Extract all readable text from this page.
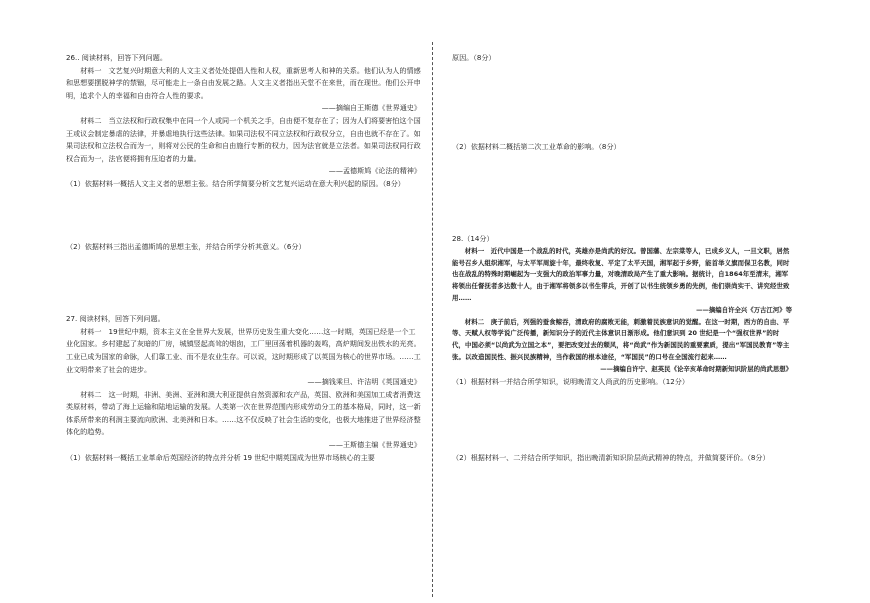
26.. 阅读材料，回答下列问题。

材料一　文艺复兴时期意大利的人文主义者处处提倡人性和人权，重新思考人和神的关系。他们认为人的情感和思想要摆脱神学的禁锢，尽可能走上一条自由发展之路。人文主义者指出天堂不在来世，而在现世。他们公开申明，追求个人的幸福和自由符合人性的要求。

——摘编自王斯德《世界通史》

材料二　当立法权和行政权集中在同一个人或同一个机关之手，自由便不复存在了；因为人们将要害怕这个国王或议会制定暴虐的法律，并暴虐地执行这些法律。如果司法权不同立法权和行政权分立，自由也就不存在了。如果司法权和立法权合而为一，则将对公民的生命和自由施行专断的权力，因为法官就是立法者。如果司法权同行政权合而为一，法官便将拥有压迫者的力量。

——孟德斯鸠《论法的精神》

（1）依据材料一概括人文主义者的思想主张。结合所学简要分析文艺复兴运动在意大利兴起的原因。（8分）

（2）依据材料三指出孟德斯鸠的思想主张，并结合所学分析其意义。（6分）

27. 阅读材料，回答下列问题。

材料一　19世纪中期，资本主义在全世界大发展，世界历史发生重大变化……这一时期，英国已经是一个工业化国家。乡村建起了灰暗的厂房，城镇竖起高耸的烟囱，工厂里回荡着机器的轰鸣，高炉期间发出铁水的光亮。工业已成为国家的命脉，人们靠工业、而不是农业生存。可以说，这时期形成了以英国为核心的世界市场。……工业文明带来了社会的进步。

——摘钱乘旦、许洁明《英国通史》

材料二　这一时期，非洲、美洲、亚洲和澳大利亚提供自然资源和农产品，英国、欧洲和美国加工成者消费这类原材料，带动了海上运输和陆地运输的发展。人类第一次在世界范围内形成劳动分工的基本格局，同时，这一新体系所带来的利润主要流向欧洲、北美洲和日本。……这不仅反映了社会生活的变化，也极大地推进了世界经济整体化的趋势。

——王斯德主编《世界通史》

（1）依据材料一概括工业革命后英国经济的特点并分析 19 世纪中期英国成为世界市场核心的主要

原因。（8分）

（2）依据材料二概括第二次工业革命的影响。（8分）

28.（14分）

材料一　近代中国是一个战乱的时代，英雄亦是尚武的好汉。曾国藩、左宗棠等人，已成乡义人，一旦文职，居然能号召乡人组织湘军，与太平军周旋十年，最终收复、平定了太平天国，湘军起于乡野，能首举义旗而保卫名教，同时也在战乱的特殊时期崛起为一支强大的政治军事力量，对晚清政局产生了重大影响。据统计，自1864年至清末，湘军将领出任督抚者多达数十人，由于湘军将领多以书生带兵，开创了以书生统领乡勇的先例，他们崇尚实干、讲究经世致用……

——摘编自许全兴《万古江河》等

材料二　庚子前后，列强的蚕食鲸吞，清政府的腐败无能，刺激着民族意识的觉醒。在这一时期，西方的自由、平等、天赋人权等学说广泛传播，新知识分子的近代主体意识日渐形成。他们意识到 20 世纪是一个“强权世界”的时代，中国必须“以尚武为立国之本”，要把改变过去的颓风，将“尚武”作为新国民的重要素质，提出“军国民教育”等主张。以改造国民性、振兴民族精神，当作救国的根本途径，“军国民”的口号在全国流行起来……

——摘编自许宁、赵英民《论辛亥革命时期新知识阶层的尚武思想》

（1）根据材料一并结合所学知识，说明晚清文人尚武的历史影响。（12分）

（2）根据材料一、二并结合所学知识，指出晚清新知识阶层尚武精神的特点，并做简要评价。（8分）
